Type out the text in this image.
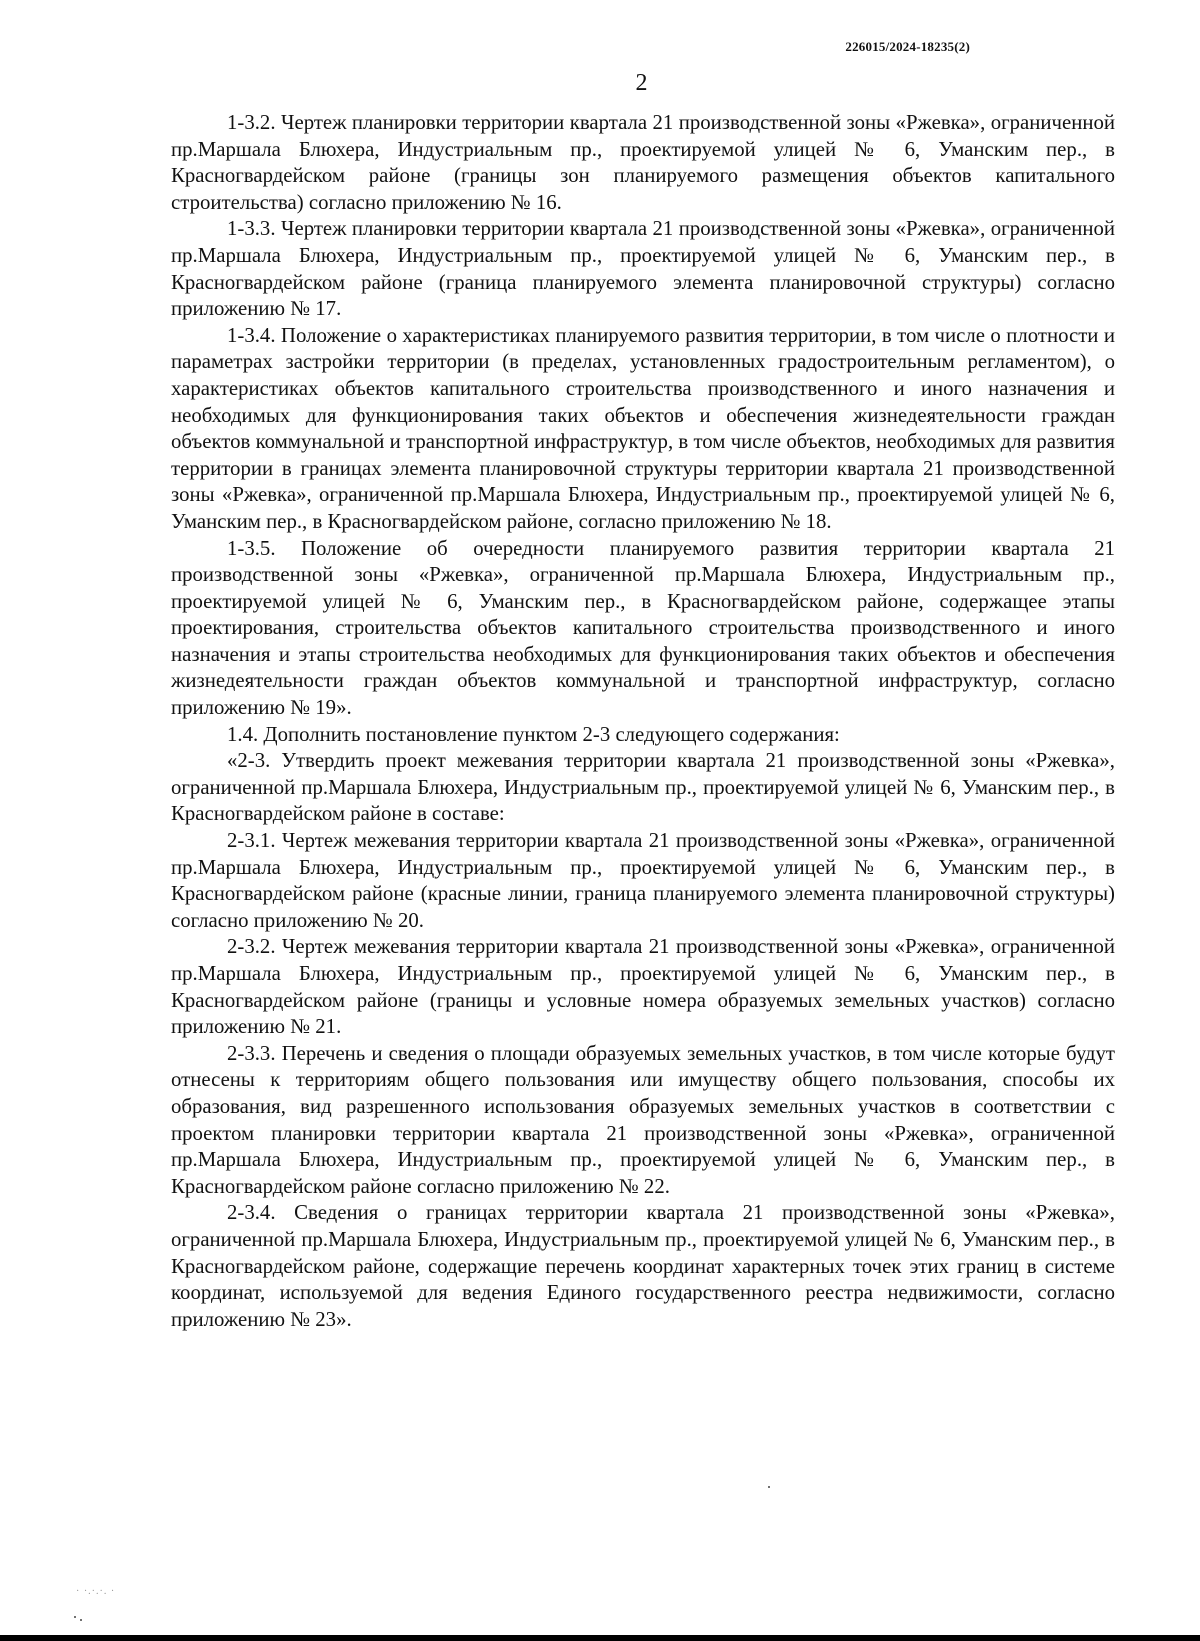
226015/2024-18235(2)
2

1-3.2. Чертеж планировки территории квартала 21 производственной зоны «Ржевка», ограниченной пр.Маршала Блюхера, Индустриальным пр., проектируемой улицей № 6, Уманским пер., в Красногвардейском районе (границы зон планируемого размещения объектов капитального строительства) согласно приложению № 16.

1-3.3. Чертеж планировки территории квартала 21 производственной зоны «Ржевка», ограниченной пр.Маршала Блюхера, Индустриальным пр., проектируемой улицей № 6, Уманским пер., в Красногвардейском районе (граница планируемого элемента планировочной структуры) согласно приложению № 17.

1-3.4. Положение о характеристиках планируемого развития территории, в том числе о плотности и параметрах застройки территории (в пределах, установленных градостроительным регламентом), о характеристиках объектов капитального строительства производственного и иного назначения и необходимых для функционирования таких объектов и обеспечения жизнедеятельности граждан объектов коммунальной и транспортной инфраструктур, в том числе объектов, необходимых для развития территории в границах элемента планировочной структуры территории квартала 21 производственной зоны «Ржевка», ограниченной пр.Маршала Блюхера, Индустриальным пр., проектируемой улицей № 6, Уманским пер., в Красногвардейском районе, согласно приложению № 18.

1-3.5. Положение об очередности планируемого развития территории квартала 21 производственной зоны «Ржевка», ограниченной пр.Маршала Блюхера, Индустриальным пр., проектируемой улицей № 6, Уманским пер., в Красногвардейском районе, содержащее этапы проектирования, строительства объектов капитального строительства производственного и иного назначения и этапы строительства необходимых для функционирования таких объектов и обеспечения жизнедеятельности граждан объектов коммунальной и транспортной инфраструктур, согласно приложению № 19».

1.4. Дополнить постановление пунктом 2-3 следующего содержания:

«2-3. Утвердить проект межевания территории квартала 21 производственной зоны «Ржевка», ограниченной пр.Маршала Блюхера, Индустриальным пр., проектируемой улицей № 6, Уманским пер., в Красногвардейском районе в составе:

2-3.1. Чертеж межевания территории квартала 21 производственной зоны «Ржевка», ограниченной пр.Маршала Блюхера, Индустриальным пр., проектируемой улицей № 6, Уманским пер., в Красногвардейском районе (красные линии, граница планируемого элемента планировочной структуры) согласно приложению № 20.

2-3.2. Чертеж межевания территории квартала 21 производственной зоны «Ржевка», ограниченной пр.Маршала Блюхера, Индустриальным пр., проектируемой улицей № 6, Уманским пер., в Красногвардейском районе (границы и условные номера образуемых земельных участков) согласно приложению № 21.

2-3.3. Перечень и сведения о площади образуемых земельных участков, в том числе которые будут отнесены к территориям общего пользования или имуществу общего пользования, способы их образования, вид разрешенного использования образуемых земельных участков в соответствии с проектом планировки территории квартала 21 производственной зоны «Ржевка», ограниченной пр.Маршала Блюхера, Индустриальным пр., проектируемой улицей № 6, Уманским пер., в Красногвардейском районе согласно приложению № 22.

2-3.4. Сведения о границах территории квартала 21 производственной зоны «Ржевка», ограниченной пр.Маршала Блюхера, Индустриальным пр., проектируемой улицей № 6, Уманским пер., в Красногвардейском районе, содержащие перечень координат характерных точек этих границ в системе координат, используемой для ведения Единого государственного реестра недвижимости, согласно приложению № 23».

· ·.·.·. ·
